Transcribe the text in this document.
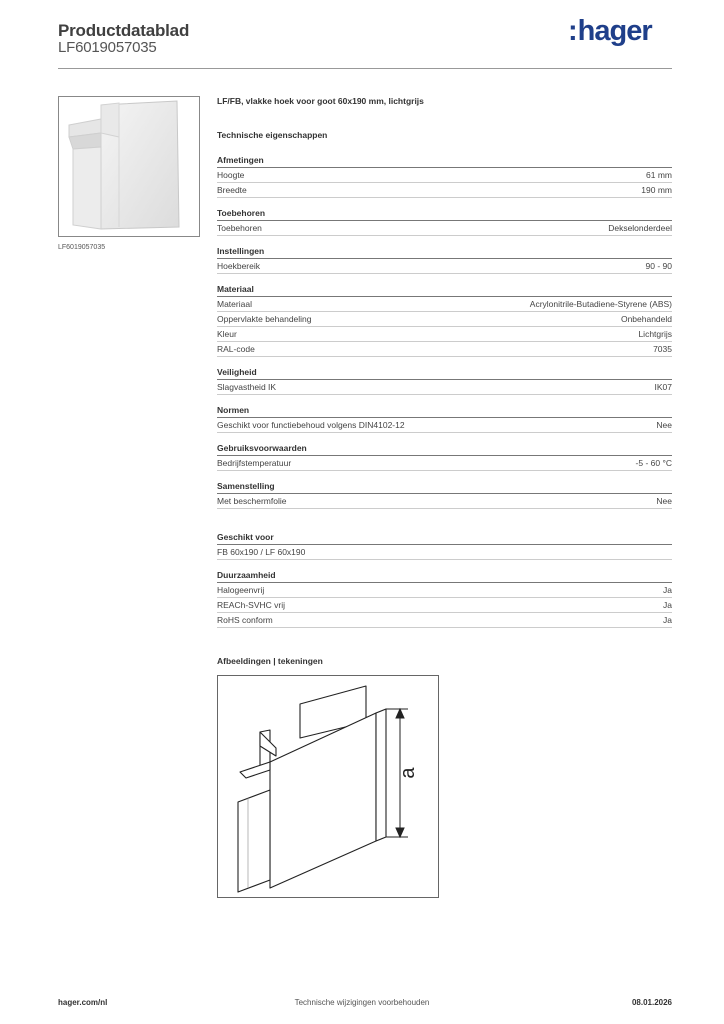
Productdatablad
LF6019057035
:hager
LF6019057035
LF/FB, vlakke hoek voor goot 60x190 mm, lichtgrijs
Technische eigenschappen
Afmetingen
Hoogte	61 mm
Breedte	190 mm
Toebehoren
Toebehoren	Dekselonderdeel
Instellingen
Hoekbereik	90 - 90
Materiaal
Materiaal	Acrylonitrile-Butadiene-Styrene (ABS)
Oppervlakte behandeling	Onbehandeld
Kleur	Lichtgrijs
RAL-code	7035
Veiligheid
Slagvastheid IK	IK07
Normen
Geschikt voor functiebehoud volgens DIN4102-12	Nee
Gebruiksvoorwaarden
Bedrijfstemperatuur	-5 - 60 °C
Samenstelling
Met beschermfolie	Nee
Geschikt voor
FB 60x190 / LF 60x190
Duurzaamheid
Halogeenvrij	Ja
REACh-SVHC vrij	Ja
RoHS conform	Ja
Afbeeldingen | tekeningen
a
hager.com/nl	Technische wijzigingen voorbehouden	08.01.2026
